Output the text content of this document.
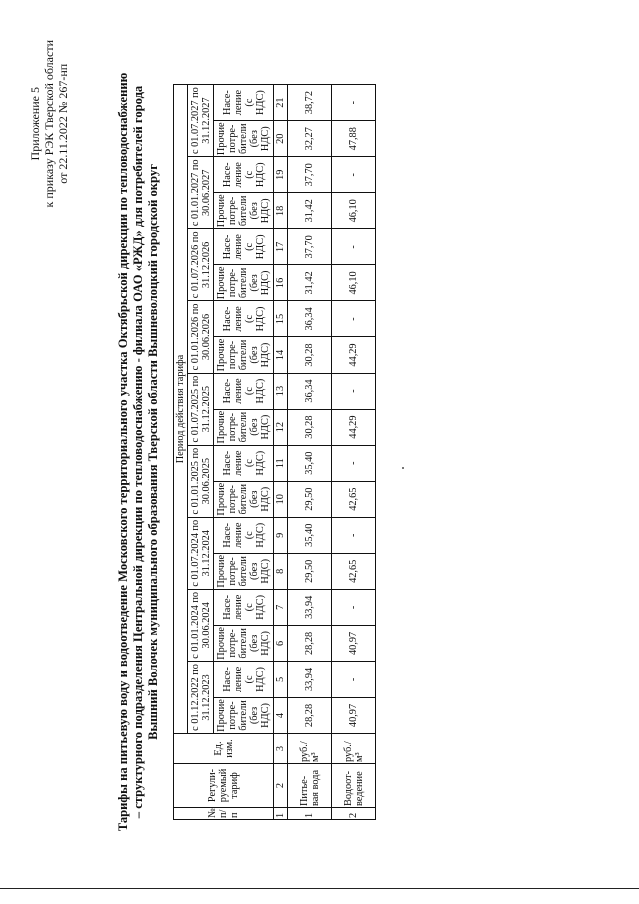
Приложение 5 к приказу РЭК Тверской области от 22.11.2022 № 267-нп	Тарифы на питьевую воду и водоотведение Московского территориального участка Октябрьской дирекции по тепловодоснабжению – структурного подразделения Центральной дирекции по тепловодоснабжению - филиала ОАО «РЖД» для потребителей города Вышний Волочек муниципального образования Тверской области Вышневолоцкий городской округ
№ п/п	Регули-руемый тариф	Ед. изм.	Период действия тарифа																	
			с 01.12.2022 по 31.12.2023		с 01.01.2024 по 30.06.2024		с 01.07.2024 по 31.12.2024		с 01.01.2025 по 30.06.2025		с 01.07.2025 по 31.12.2025		с 01.01.2026 по 30.06.2026		с 01.07.2026 по 31.12.2026		с 01.01.2027 по 30.06.2027		с 01.07.2027 по 31.12.2027	
			Прочие потре-бители (без НДС)	Насе-ление (с НДС)	Прочие потре-бители (без НДС)	Насе-ление (с НДС)	Прочие потре-бители (без НДС)	Насе-ление (с НДС)	Прочие потре-бители (без НДС)	Насе-ление (с НДС)	Прочие потре-бители (без НДС)	Насе-ление (с НДС)	Прочие потре-бители (без НДС)	Насе-ление (с НДС)	Прочие потре-бители (без НДС)	Насе-ление (с НДС)	Прочие потре-бители (без НДС)	Насе-ление (с НДС)	Прочие потре-бители (без НДС)	Насе-ление (с НДС)
1	2	3	4	5	6	7	8	9	10	11	12	13	14	15	16	17	18	19	20	21
1	Питье-вая вода	руб./м³	28,28	33,94	28,28	33,94	29,50	35,40	29,50	35,40	30,28	36,34	30,28	36,34	31,42	37,70	31,42	37,70	32,27	38,72
2	Водоот-ведение	руб./м³	40,97	-	40,97	-	42,65	-	42,65	-	44,29	-	44,29	-	46,10	-	46,10	-	47,88	-
